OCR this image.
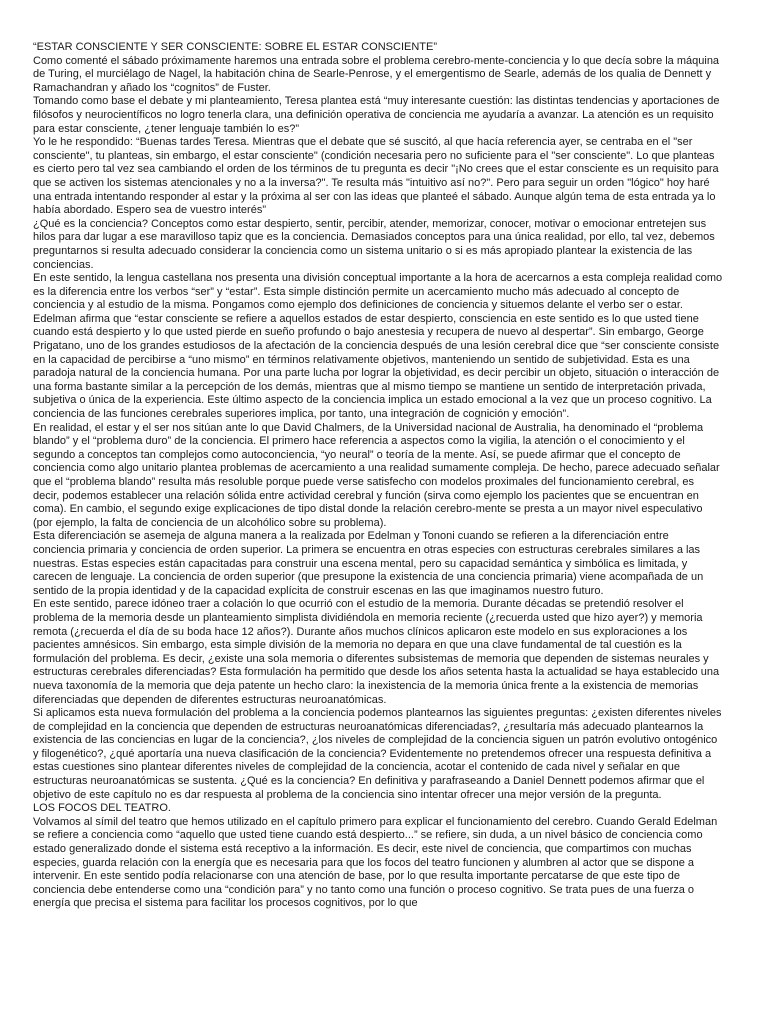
“ESTAR CONSCIENTE Y SER CONSCIENTE: SOBRE EL ESTAR CONSCIENTE”

Como comenté el sábado próximamente haremos una entrada sobre el problema cerebro-mente-conciencia y lo que decía sobre la máquina de Turing, el murciélago de Nagel, la habitación china de Searle-Penrose, y el emergentismo de Searle, además de los qualia de Dennett y Ramachandran y añado los “cognitos” de Fuster.

Tomando como base el debate y mi planteamiento, Teresa plantea está “muy interesante cuestión: las distintas tendencias y aportaciones de filósofos y neurocientíficos no logro tenerla clara, una definición operativa de conciencia me ayudaría a avanzar. La atención es un requisito para estar consciente, ¿tener lenguaje también lo es?”

Yo le he respondido: “Buenas tardes Teresa. Mientras que el debate que sé suscitó, al que hacía referencia ayer, se centraba en el "ser consciente", tu planteas, sin embargo, el estar consciente" (condición necesaria pero no suficiente para el "ser consciente". Lo que planteas es cierto pero tal vez sea cambiando el orden de los términos de tu pregunta es decir "¡No crees que el estar consciente es un requisito para que se activen los sistemas atencionales y no a la inversa?". Te resulta más "intuitivo así no?". Pero para seguir un orden "lógico" hoy haré una entrada intentando responder al estar y la próxima al ser con las ideas que planteé el sábado. Aunque algún tema de esta entrada ya lo había abordado. Espero sea de vuestro interés”

¿Qué es la conciencia? Conceptos como estar despierto, sentir, percibir, atender, memorizar, conocer, motivar o emocionar entretejen sus hilos para dar lugar a ese maravilloso tapiz que es la conciencia. Demasiados conceptos para una única realidad, por ello, tal vez, debemos preguntarnos si resulta adecuado considerar la conciencia como un sistema unitario o si es más apropiado plantear la existencia de las conciencias.

En este sentido, la lengua castellana nos presenta una división conceptual importante a la hora de acercarnos a esta compleja realidad como es la diferencia entre los verbos “ser” y “estar”. Esta simple distinción permite un acercamiento mucho más adecuado al concepto de conciencia y al estudio de la misma. Pongamos como ejemplo dos definiciones de conciencia y situemos delante el verbo ser o estar. Edelman afirma que “estar consciente se refiere a aquellos estados de estar despierto, consciencia en este sentido es lo que usted tiene cuando está despierto y lo que usted pierde en sueño profundo o bajo anestesia y recupera de nuevo al despertar”. Sin embargo, George Prigatano, uno de los grandes estudiosos de la afectación de la conciencia después de una lesión cerebral dice que “ser consciente consiste en la capacidad de percibirse a “uno mismo” en términos relativamente objetivos, manteniendo un sentido de subjetividad. Esta es una paradoja natural de la conciencia humana. Por una parte lucha por lograr la objetividad, es decir percibir un objeto, situación o interacción de una forma bastante similar a la percepción de los demás, mientras que al mismo tiempo se mantiene un sentido de interpretación privada, subjetiva o única de la experiencia. Este último aspecto de la conciencia implica un estado emocional a la vez que un proceso cognitivo. La conciencia de las funciones cerebrales superiores implica, por tanto, una integración de cognición y emoción”.

En realidad, el estar y el ser nos sitúan ante lo que David Chalmers, de la Universidad nacional de Australia, ha denominado el “problema blando” y el “problema duro” de la conciencia. El primero hace referencia a aspectos como la vigilia, la atención o el conocimiento y el segundo a conceptos tan complejos como autoconciencia, “yo neural” o teoría de la mente. Así, se puede afirmar que el concepto de conciencia como algo unitario plantea problemas de acercamiento a una realidad sumamente compleja. De hecho, parece adecuado señalar que el “problema blando” resulta más resoluble porque puede verse satisfecho con modelos proximales del funcionamiento cerebral, es decir, podemos establecer una relación sólida entre actividad cerebral y función (sirva como ejemplo los pacientes que se encuentran en coma). En cambio, el segundo exige explicaciones de tipo distal donde la relación cerebro-mente se presta a un mayor nivel especulativo (por ejemplo, la falta de conciencia de un alcohólico sobre su problema).

Esta diferenciación se asemeja de alguna manera a la realizada por Edelman y Tononi cuando se refieren a la diferenciación entre conciencia primaria y conciencia de orden superior. La primera se encuentra en otras especies con estructuras cerebrales similares a las nuestras. Estas especies están capacitadas para construir una escena mental, pero su capacidad semántica y simbólica es limitada, y carecen de lenguaje. La conciencia de orden superior (que presupone la existencia de una conciencia primaria) viene acompañada de un sentido de la propia identidad y de la capacidad explícita de construir escenas en las que imaginamos nuestro futuro.

En este sentido, parece idóneo traer a colación lo que ocurrió con el estudio de la memoria. Durante décadas se pretendió resolver el problema de la memoria desde un planteamiento simplista dividiéndola en memoria reciente (¿recuerda usted que hizo ayer?) y memoria remota (¿recuerda el día de su boda hace 12 años?). Durante años muchos clínicos aplicaron este modelo en sus exploraciones a los pacientes amnésicos. Sin embargo, esta simple división de la memoria no depara en que una clave fundamental de tal cuestión es la formulación del problema. Es decir, ¿existe una sola memoria o diferentes subsistemas de memoria que dependen de sistemas neurales y estructuras cerebrales diferenciadas? Esta formulación ha permitido que desde los años setenta hasta la actualidad se haya establecido una nueva taxonomía de la memoria que deja patente un hecho claro: la inexistencia de la memoria única frente a la existencia de memorias diferenciadas que dependen de diferentes estructuras neuroanatómicas.

Si aplicamos esta nueva formulación del problema a la conciencia podemos plantearnos las siguientes preguntas: ¿existen diferentes niveles de complejidad en la conciencia que dependen de estructuras neuroanatómicas diferenciadas?, ¿resultaría más adecuado plantearnos la existencia de las conciencias en lugar de la conciencia?, ¿los niveles de complejidad de la conciencia siguen un patrón evolutivo ontogénico y filogenético?, ¿qué aportaría una nueva clasificación de la conciencia? Evidentemente no pretendemos ofrecer una respuesta definitiva a estas cuestiones sino plantear diferentes niveles de complejidad de la conciencia, acotar el contenido de cada nivel y señalar en que estructuras neuroanatómicas se sustenta. ¿Qué es la conciencia? En definitiva y parafraseando a Daniel Dennett podemos afirmar que el objetivo de este capítulo no es dar respuesta al problema de la conciencia sino intentar ofrecer una mejor versión de la pregunta.

LOS FOCOS DEL TEATRO.

Volvamos al símil del teatro que hemos utilizado en el capítulo primero para explicar el funcionamiento del cerebro. Cuando Gerald Edelman se refiere a conciencia como “aquello que usted tiene cuando está despierto...” se refiere, sin duda, a un nivel básico de conciencia como estado generalizado donde el sistema está receptivo a la información. Es decir, este nivel de conciencia, que compartimos con muchas especies, guarda relación con la energía que es necesaria para que los focos del teatro funcionen y alumbren al actor que se dispone a intervenir. En este sentido podía relacionarse con una atención de base, por lo que resulta importante percatarse de que este tipo de conciencia debe entenderse como una “condición para” y no tanto como una función o proceso cognitivo. Se trata pues de una fuerza o energía que precisa el sistema para facilitar los procesos cognitivos, por lo que
